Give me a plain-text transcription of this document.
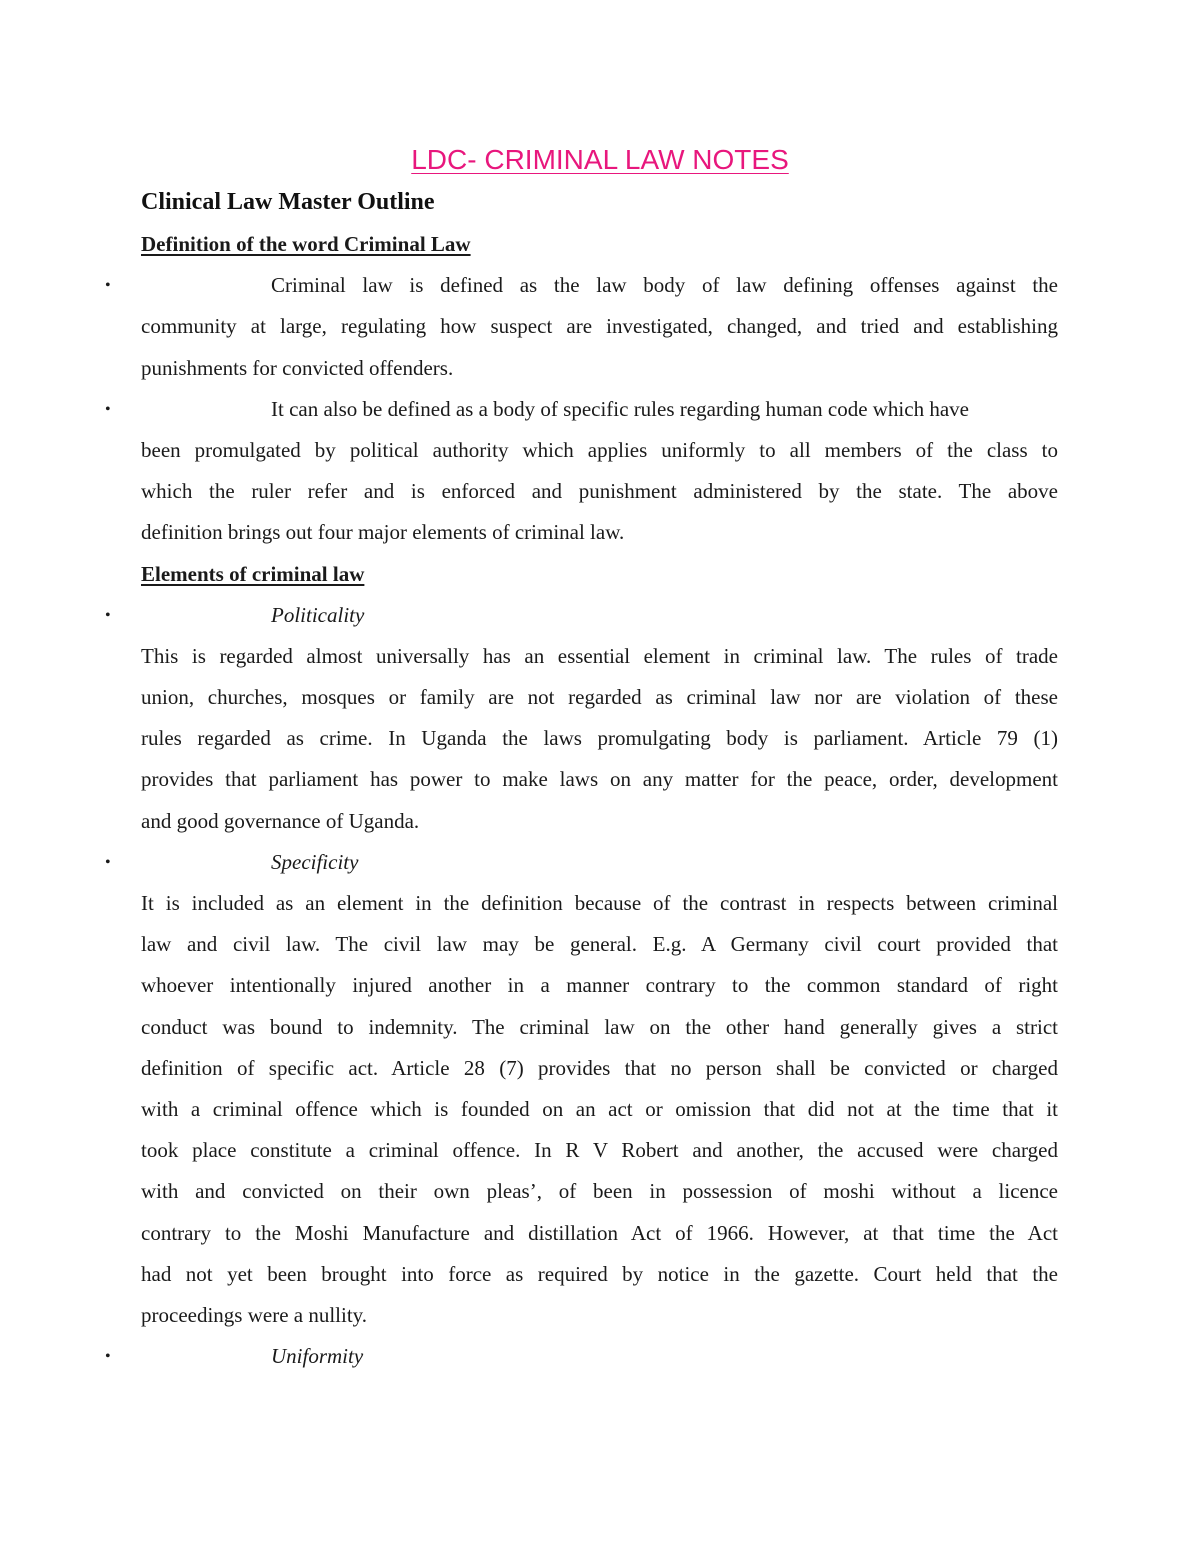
LDC- CRIMINAL LAW NOTES
Clinical Law Master Outline
Definition of the word Criminal Law
•	Criminal law is defined as the law body of law defining offenses against the
community at large, regulating how suspect are investigated, changed, and tried and establishing
punishments for convicted offenders.
•	It can also be defined as a body of specific rules regarding human code which have
been promulgated by political authority which applies uniformly to all members of the class to
which the ruler refer and is enforced and punishment administered by the state. The above
definition brings out four major elements of criminal law.
Elements of criminal law
•	Politicality
This is regarded almost universally has an essential element in criminal law. The rules of trade
union, churches, mosques or family are not regarded as criminal law nor are violation of these
rules regarded as crime. In Uganda the laws promulgating body is parliament. Article 79 (1)
provides that parliament has power to make laws on any matter for the peace, order, development
and good governance of Uganda.
•	Specificity
It is included as an element in the definition because of the contrast in respects between criminal
law and civil law. The civil law may be general. E.g. A Germany civil court provided that
whoever intentionally injured another in a manner contrary to the common standard of right
conduct was bound to indemnity. The criminal law on the other hand generally gives a strict
definition of specific act. Article 28 (7) provides that no person shall be convicted or charged
with a criminal offence which is founded on an act or omission that did not at the time that it
took place constitute a criminal offence. In R V Robert and another, the accused were charged
with and convicted on their own pleas’, of been in possession of moshi without a licence
contrary to the Moshi Manufacture and distillation Act of 1966. However, at that time the Act
had not yet been brought into force as required by notice in the gazette. Court held that the
proceedings were a nullity.
•	Uniformity
